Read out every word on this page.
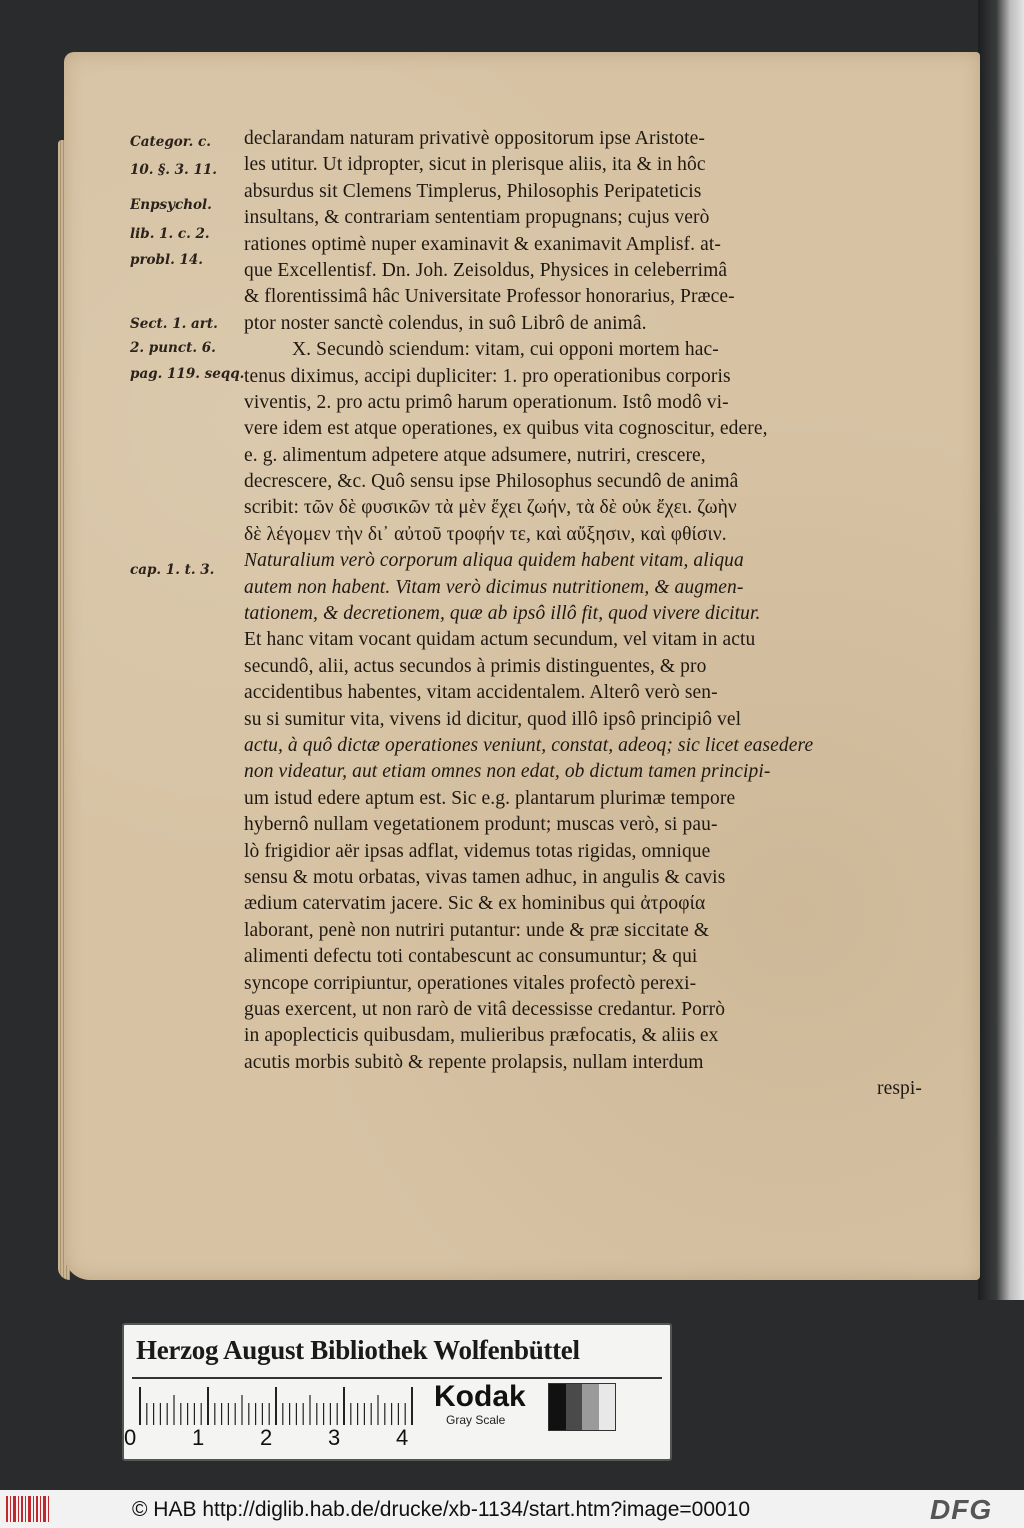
Categor. c.
10. §. 3. 11.
Enpsychol.
lib. 1. c. 2.
probl. 14.
Sect. 1. art.
2. punct. 6.
pag. 119. seqq.
cap. 1. t. 3.
declarandam naturam privativè oppositorum ipse Aristote-
les utitur. Ut idpropter, sicut in plerisque aliis, ita & in hôc
absurdus sit Clemens Timplerus, Philosophis Peripateticis
insultans, & contrariam sententiam propugnans; cujus verò
rationes optimè nuper examinavit & exanimavit Amplisf. at-
que Excellentisf. Dn. Joh. Zeisoldus, Physices in celeberrimâ
& florentissimâ hâc Universitate Professor honorarius, Præce-
ptor noster sanctè colendus, in suô Librô de animâ.
X. Secundò sciendum: vitam, cui opponi mortem hac-
tenus diximus, accipi dupliciter: 1. pro operationibus corporis
viventis, 2. pro actu primô harum operationum. Istô modô vi-
vere idem est atque operationes, ex quibus vita cognoscitur, edere,
e. g. alimentum adpetere atque adsumere, nutriri, crescere,
decrescere, &c. Quô sensu ipse Philosophus secundô de animâ
scribit: τῶν δὲ φυσικῶν τὰ μὲν ἔχει ζωήν, τὰ δὲ οὐκ ἔχει. ζωὴν
δὲ λέγομεν τὴν δι᾽ αὐτοῦ τροφήν τε, καὶ αὔξησιν, καὶ φθίσιν.
Naturalium verò corporum aliqua quidem habent vitam, aliqua
autem non habent. Vitam verò dicimus nutritionem, & augmen-
tationem, & decretionem, quæ ab ipsô illô fit, quod vivere dicitur.
Et hanc vitam vocant quidam actum secundum, vel vitam in actu
secundô, alii, actus secundos à primis distinguentes, & pro
accidentibus habentes, vitam accidentalem. Alterô verò sen-
su si sumitur vita, vivens id dicitur, quod illô ipsô principiô vel
actu, à quô dictæ operationes veniunt, constat, adeoq; sic licet easedere
non videatur, aut etiam omnes non edat, ob dictum tamen principi-
um istud edere aptum est. Sic e.g. plantarum plurimæ tempore
hybernô nullam vegetationem produnt; muscas verò, si pau-
lò frigidior aër ipsas adflat, videmus totas rigidas, omnique
sensu & motu orbatas, vivas tamen adhuc, in angulis & cavis
ædium catervatim jacere. Sic & ex hominibus qui ἀτροφία
laborant, penè non nutriri putantur: unde & præ siccitate &
alimenti defectu toti contabescunt ac consumuntur; & qui
syncope corripiuntur, operationes vitales profectò perexi-
guas exercent, ut non rarò de vitâ decessisse credantur. Porrò
in apoplecticis quibusdam, mulieribus præfocatis, & aliis ex
acutis morbis subitò & repente prolapsis, nullam interdum
respi-
Herzog August Bibliothek Wolfenbüttel
0	1	2	3	4
Kodak
Gray Scale
© HAB http://diglib.hab.de/drucke/xb-1134/start.htm?image=00010	DFG
